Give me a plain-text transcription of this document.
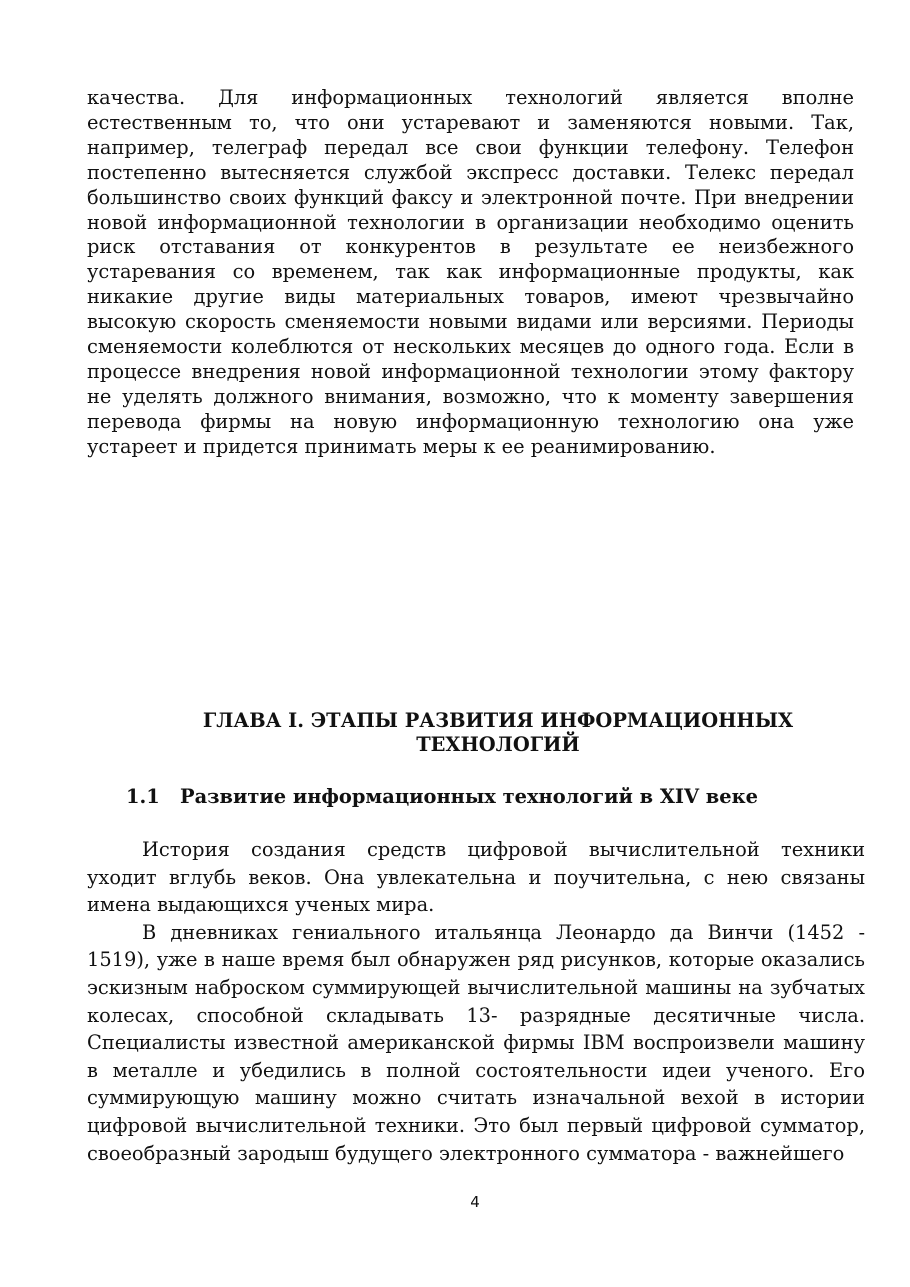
качества. Для информационных технологий является вполне естественным то, что они устаревают и заменяются новыми. Так, например, телеграф передал все свои функции телефону. Телефон постепенно вытесняется службой экспресс доставки. Телекс передал большинство своих функций факсу и электронной почте. При внедрении новой информационной технологии в организации необходимо оценить риск отставания от конкурентов в результате ее неизбежного устаревания со временем, так как информационные продукты, как никакие другие виды материальных товаров, имеют чрезвычайно высокую скорость сменяемости новыми видами или версиями. Периоды сменяемости колеблются от нескольких месяцев до одного года. Если в процессе внедрения новой информационной технологии этому фактору не уделять должного внимания, возможно, что к моменту завершения перевода фирмы на новую информационную технологию она уже устареет и придется принимать меры к ее реанимированию.

ГЛАВА I. ЭТАПЫ РАЗВИТИЯ ИНФОРМАЦИОННЫХ
ТЕХНОЛОГИЙ
1.1 Развитие информационных технологий в XIV веке

История создания средств цифровой вычислительной техники уходит вглубь веков. Она увлекательна и поучительна, с нею связаны имена выдающихся ученых мира.

В дневниках гениального итальянца Леонардо да Винчи (1452 - 1519), уже в наше время был обнаружен ряд рисунков, которые оказались эскизным наброском суммирующей вычислительной машины на зубчатых колесах, способной складывать 13- разрядные десятичные числа. Специалисты известной американской фирмы IBM воспроизвели машину в металле и убедились в полной состоятельности идеи ученого. Его суммирующую машину можно считать изначальной вехой в истории цифровой вычислительной техники. Это был первый цифровой сумматор, своеобразный зародыш будущего электронного сумматора - важнейшего

4
